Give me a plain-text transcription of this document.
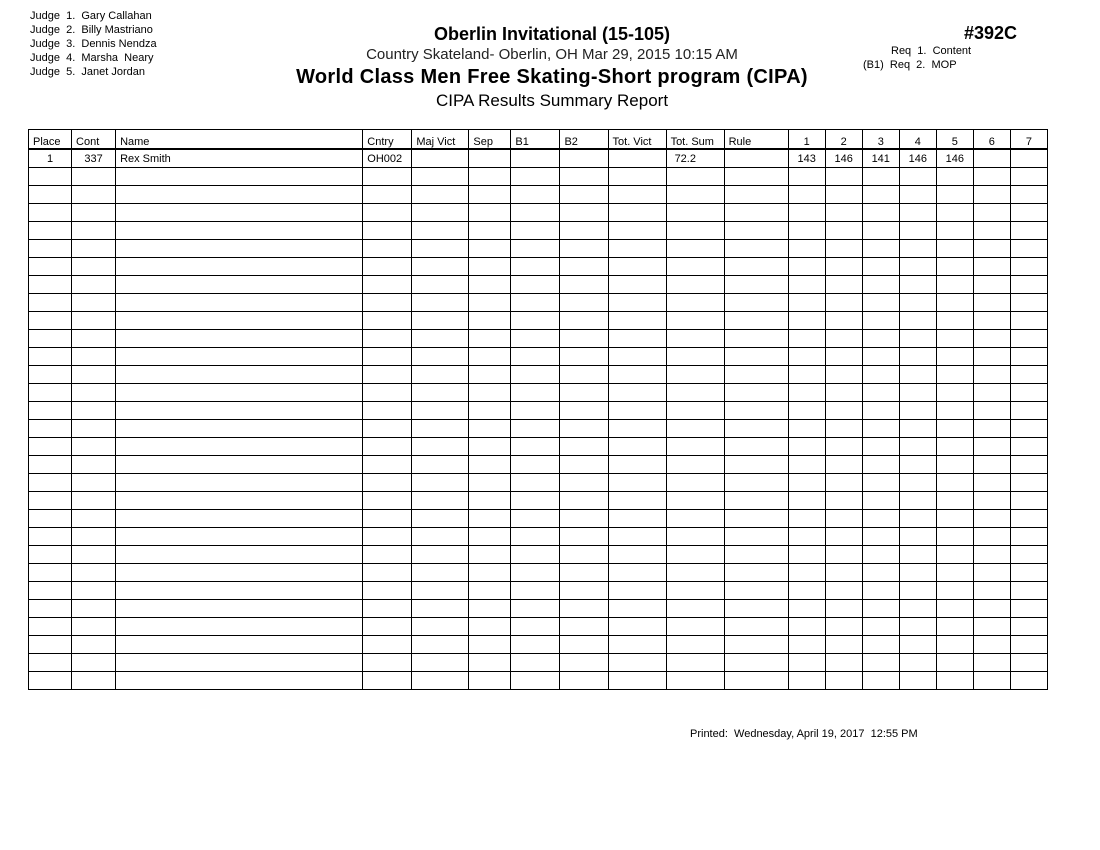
Judge  1.  Gary Callahan
Judge  2.  Billy Mastriano
Judge  3.  Dennis Nendza
Judge  4.  Marsha  Neary
Judge  5.  Janet Jordan
Oberlin Invitational (15-105)
Country Skateland- Oberlin, OH Mar 29, 2015 10:15 AM
World Class Men Free Skating-Short program (CIPA)
CIPA Results Summary Report
#392C
Req  1.  Content
(B1)  Req  2.  MOP
Place	Cont	Name	Cntry	Maj Vict	Sep	B1	B2	Tot. Vict	Tot. Sum	Rule	1	2	3	4	5	6	7
1	337	Rex Smith	OH002						72.2		143	146	141	146	146		

Printed:  Wednesday, April 19, 2017  12:55 PM
